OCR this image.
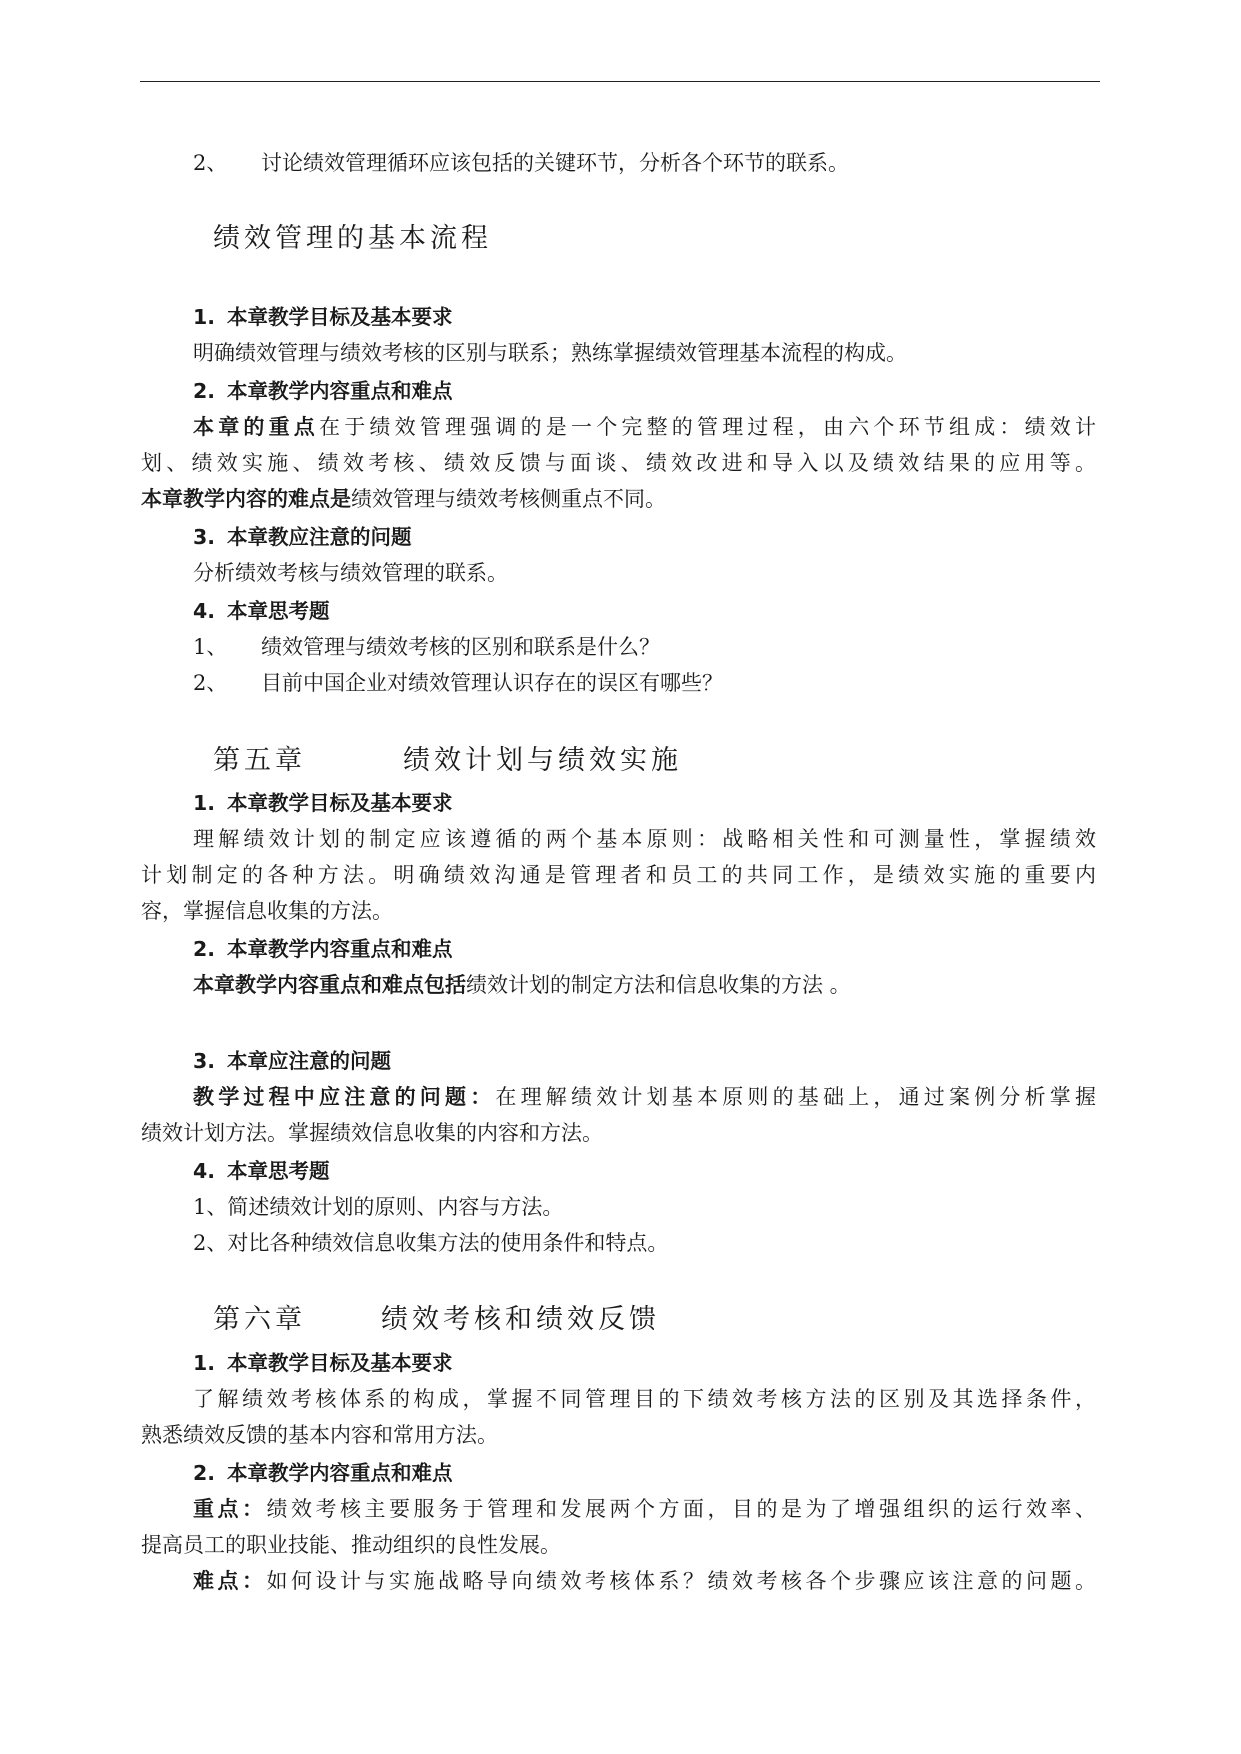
2、 讨论绩效管理循环应该包括的关键环节，分析各个环节的联系。
绩效管理的基本流程
1. 本章教学目标及基本要求
明确绩效管理与绩效考核的区别与联系；熟练掌握绩效管理基本流程的构成。
2. 本章教学内容重点和难点
本章的重点在于绩效管理强调的是一个完整的管理过程，由六个环节组成：绩效计
划、绩效实施、绩效考核、绩效反馈与面谈、绩效改进和导入以及绩效结果的应用等。
本章教学内容的难点是绩效管理与绩效考核侧重点不同。
3. 本章教应注意的问题
分析绩效考核与绩效管理的联系。
4. 本章思考题
1、 绩效管理与绩效考核的区别和联系是什么？
2、 目前中国企业对绩效管理认识存在的误区有哪些？
第五章	绩效计划与绩效实施
1. 本章教学目标及基本要求
理解绩效计划的制定应该遵循的两个基本原则：战略相关性和可测量性，掌握绩效
计划制定的各种方法。明确绩效沟通是管理者和员工的共同工作，是绩效实施的重要内
容，掌握信息收集的方法。
2. 本章教学内容重点和难点
本章教学内容重点和难点包括绩效计划的制定方法和信息收集的方法 。
3. 本章应注意的问题
教学过程中应注意的问题：在理解绩效计划基本原则的基础上，通过案例分析掌握
绩效计划方法。掌握绩效信息收集的内容和方法。
4. 本章思考题
1、简述绩效计划的原则、内容与方法。
2、对比各种绩效信息收集方法的使用条件和特点。
第六章	绩效考核和绩效反馈
1. 本章教学目标及基本要求
了解绩效考核体系的构成，掌握不同管理目的下绩效考核方法的区别及其选择条件，
熟悉绩效反馈的基本内容和常用方法。
2. 本章教学内容重点和难点
重点：绩效考核主要服务于管理和发展两个方面，目的是为了增强组织的运行效率、
提高员工的职业技能、推动组织的良性发展。
难点：如何设计与实施战略导向绩效考核体系？绩效考核各个步骤应该注意的问题。
